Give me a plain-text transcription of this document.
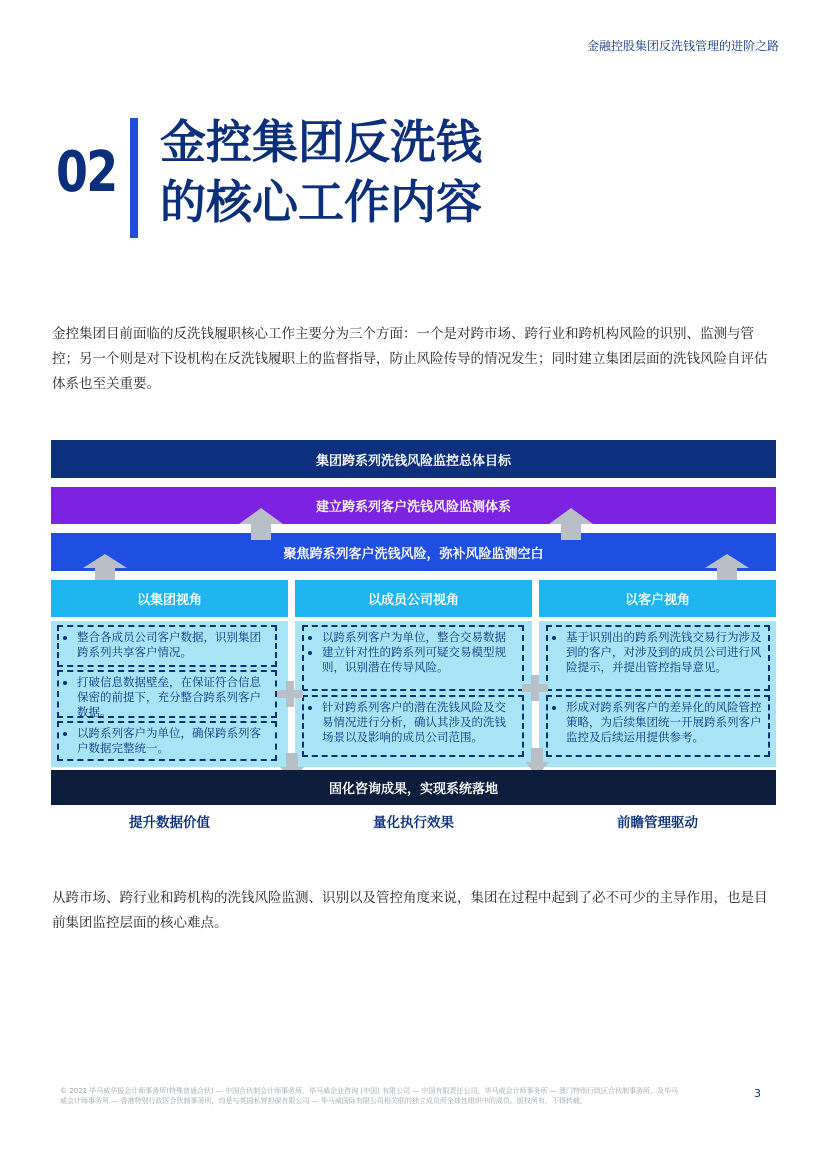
金融控股集团反洗钱管理的进阶之路
02 金控集团反洗钱
的核心工作内容
金控集团目前面临的反洗钱履职核心工作主要分为三个方面：一个是对跨市场、跨行业和跨机构风险的识别、监测与管控；另一个则是对下设机构在反洗钱履职上的监督指导，防止风险传导的情况发生；同时建立集团层面的洗钱风险自评估体系也至关重要。
集团跨系列洗钱风险监控总体目标
建立跨系列客户洗钱风险监测体系
聚焦跨系列客户洗钱风险，弥补风险监测空白
以集团视角	以成员公司视角	以客户视角
• 整合各成员公司客户数据，识别集团跨系列共享客户情况。
• 打破信息数据壁垒，在保证符合信息保密的前提下，充分整合跨系列客户数据。
• 以跨系列客户为单位，确保跨系列客户数据完整统一。
• 以跨系列客户为单位，整合交易数据
• 建立针对性的跨系列可疑交易模型规则，识别潜在传导风险。
• 针对跨系列客户的潜在洗钱风险及交易情况进行分析，确认其涉及的洗钱场景以及影响的成员公司范围。
• 基于识别出的跨系列洗钱交易行为涉及到的客户，对涉及到的成员公司进行风险提示，并提出管控指导意见。
• 形成对跨系列客户的差异化的风险管控策略，为后续集团统一开展跨系列客户监控及后续运用提供参考。
固化咨询成果，实现系统落地
提升数据价值	量化执行效果	前瞻管理驱动
从跨市场、跨行业和跨机构的洗钱风险监测、识别以及管控角度来说，集团在过程中起到了必不可少的主导作用，也是目前集团监控层面的核心难点。
© 2022 毕马威华振会计师事务所(特殊普通合伙) — 中国合伙制会计师事务所，毕马威企业咨询 (中国) 有限公司 — 中国有限责任公司，毕马威会计师事务所 — 澳门特别行政区合伙制事务所，及毕马威会计师事务所 — 香港特别行政区合伙制事务所，均是与英国私营担保有限公司 — 毕马威国际有限公司相关联的独立成员所全球性组织中的成员。版权所有，不得转载。
3
